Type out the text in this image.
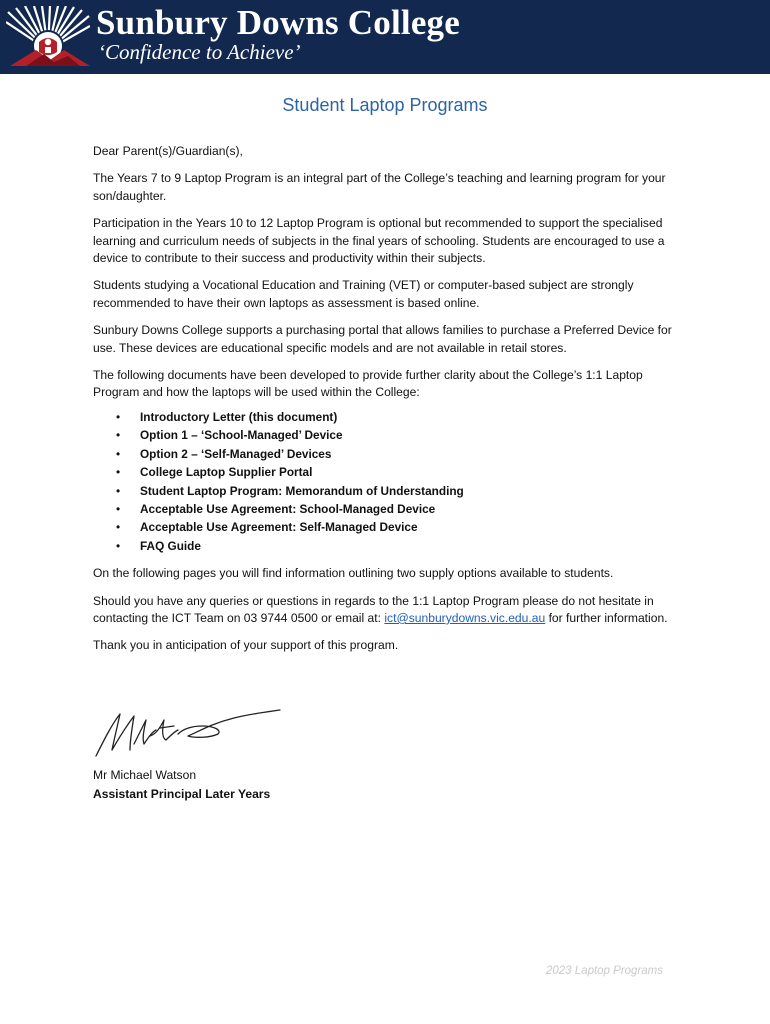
Sunbury Downs College
‘Confidence to Achieve’
Student Laptop Programs

Dear Parent(s)/Guardian(s),

The Years 7 to 9 Laptop Program is an integral part of the College’s teaching and learning program for your son/daughter.

Participation in the Years 10 to 12 Laptop Program is optional but recommended to support the specialised learning and curriculum needs of subjects in the final years of schooling. Students are encouraged to use a device to contribute to their success and productivity within their subjects.

Students studying a Vocational Education and Training (VET) or computer-based subject are strongly recommended to have their own laptops as assessment is based online.

Sunbury Downs College supports a purchasing portal that allows families to purchase a Preferred Device for use. These devices are educational specific models and are not available in retail stores.

The following documents have been developed to provide further clarity about the College’s 1:1 Laptop Program and how the laptops will be used within the College:

• Introductory Letter (this document)
• Option 1 – ‘School-Managed’ Device
• Option 2 – ‘Self-Managed’ Devices
• College Laptop Supplier Portal
• Student Laptop Program: Memorandum of Understanding
• Acceptable Use Agreement: School-Managed Device
• Acceptable Use Agreement: Self-Managed Device
• FAQ Guide

On the following pages you will find information outlining two supply options available to students.

Should you have any queries or questions in regards to the 1:1 Laptop Program please do not hesitate in contacting the ICT Team on 03 9744 0500 or email at: ict@sunburydowns.vic.edu.au for further information.

Thank you in anticipation of your support of this program.

Mr Michael Watson
Assistant Principal Later Years
2023 Laptop Programs
